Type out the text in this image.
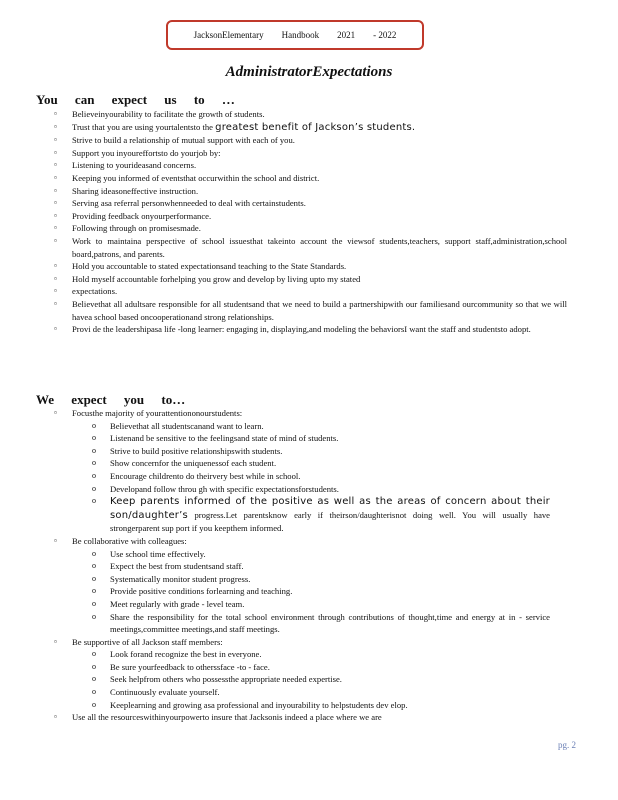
JacksonElementary Handbook 2021 - 2022
AdministratorExpectations
You can expect us to …
▫ Believeinyourability to facilitate the growth of students.
▫ Trust that you are using yourtalentsto the greatest benefit of Jackson’s students.
▫ Strive to build a relationship of mutual support with each of you.
▫ Support you inyoureffortsto do yourjob by:
▫ Listening to yourideasand concerns.
▫ Keeping you informed of eventsthat occurwithin the school and district.
▫ Sharing ideasoneffective instruction.
▫ Serving asa referral personwhenneeded to deal with certainstudents.
▫ Providing feedback onyourperformance.
▫ Following through on promisesmade.
▫ Work to maintaina perspective of school issuesthat takeinto account the viewsof students,teachers, support staff,administration,school board,patrons, and parents.
▫ Hold you accountable to stated expectationsand teaching to the State Standards.
▫ Hold myself accountable forhelping you grow and develop by living upto my stated
▫ expectations.
▫ Believethat all adultsare responsible for all studentsand that we need to build a partnershipwith our familiesand ourcommunity so that we will havea school based oncooperationand strong relationships.
▫ Provi de the leadershipasa life -long learner: engaging in, displaying,and modeling the behaviorsI want the staff and studentsto adopt.
We expect you to…
▫ Focusthe majority of yourattentiononourstudents:
o Believethat all studentscanand want to learn.
o Listenand be sensitive to the feelingsand state of mind of students.
o Strive to build positive relationshipswith students.
o Show concernfor the uniquenessof each student.
o Encourage childrento do theirvery best while in school.
o Developand follow throu gh with specific expectationsforstudents.
o Keep parents informed of the positive as well as the areas of concern about their son/daughter’s progress.Let parentsknow early if theirson/daughterisnot doing well. You will usually have strongerparent sup port if you keepthem informed.
▫ Be collaborative with colleagues:
o Use school time effectively.
o Expect the best from studentsand staff.
o Systematically monitor student progress.
o Provide positive conditions forlearning and teaching.
o Meet regularly with grade - level team.
o Share the responsibility for the total school environment through contributions of thought,time and energy at in - service meetings,committee meetings,and staff meetings.
▫ Be supportive of all Jackson staff members:
o Look forand recognize the best in everyone.
o Be sure yourfeedback to otherssface -to - face.
o Seek helpfrom others who possessthe appropriate needed expertise.
o Continuously evaluate yourself.
o Keeplearning and growing asa professional and inyourability to helpstudents dev elop.
▫ Use all the resourceswithinyourpowerto insure that Jacksonis indeed a place where we are
pg. 2
